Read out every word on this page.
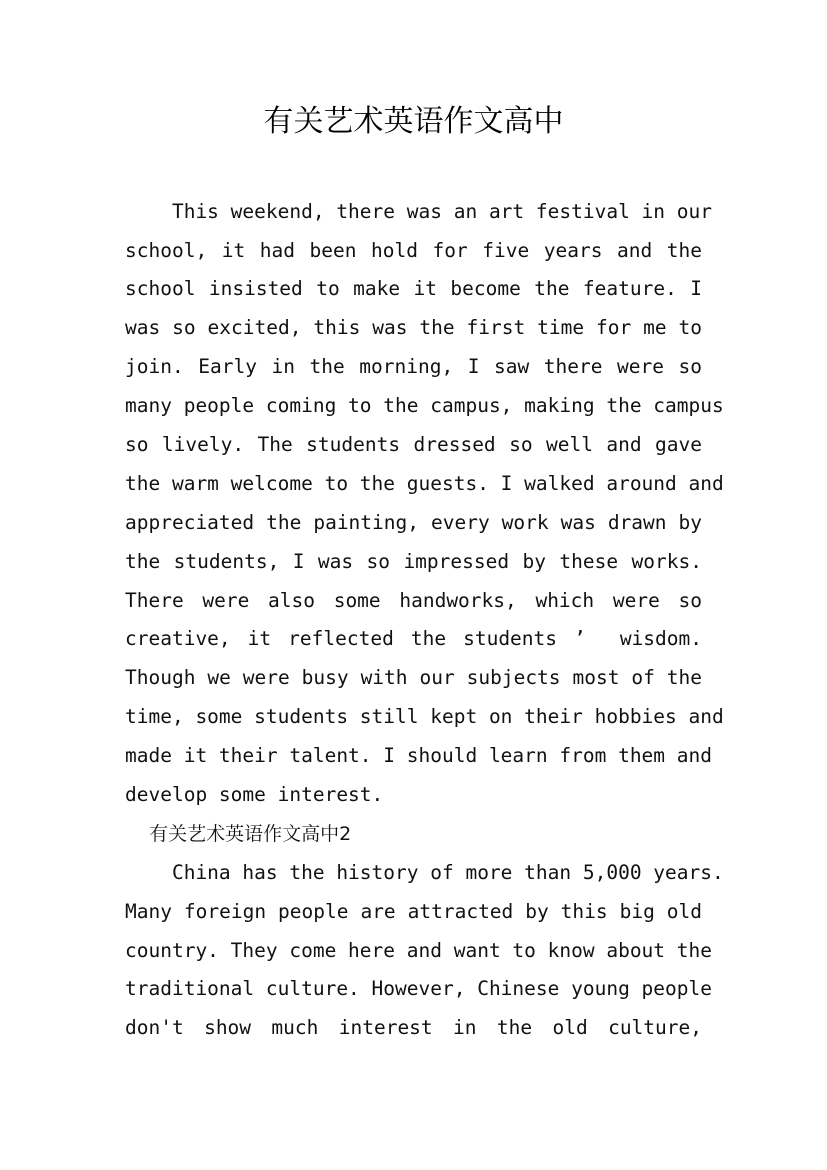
有关艺术英语作文高中
This weekend, there was an art festival in our
school, it had been hold for five years and the
school insisted to make it become the feature. I
was so excited, this was the first time for me to
join. Early in the morning, I saw there were so
many people coming to the campus, making the campus
so lively. The students dressed so well and gave
the warm welcome to the guests. I walked around and
appreciated the painting, every work was drawn by
the students, I was so impressed by these works.
There were also some handworks, which were so
creative, it reflected the students ’  wisdom.
Though we were busy with our subjects most of the
time, some students still kept on their hobbies and
made it their talent. I should learn from them and
develop some interest.
有关艺术英语作文高中2
China has the history of more than 5,000 years.
Many foreign people are attracted by this big old
country. They come here and want to know about the
traditional culture. However, Chinese young people
don't show much interest in the old culture,
